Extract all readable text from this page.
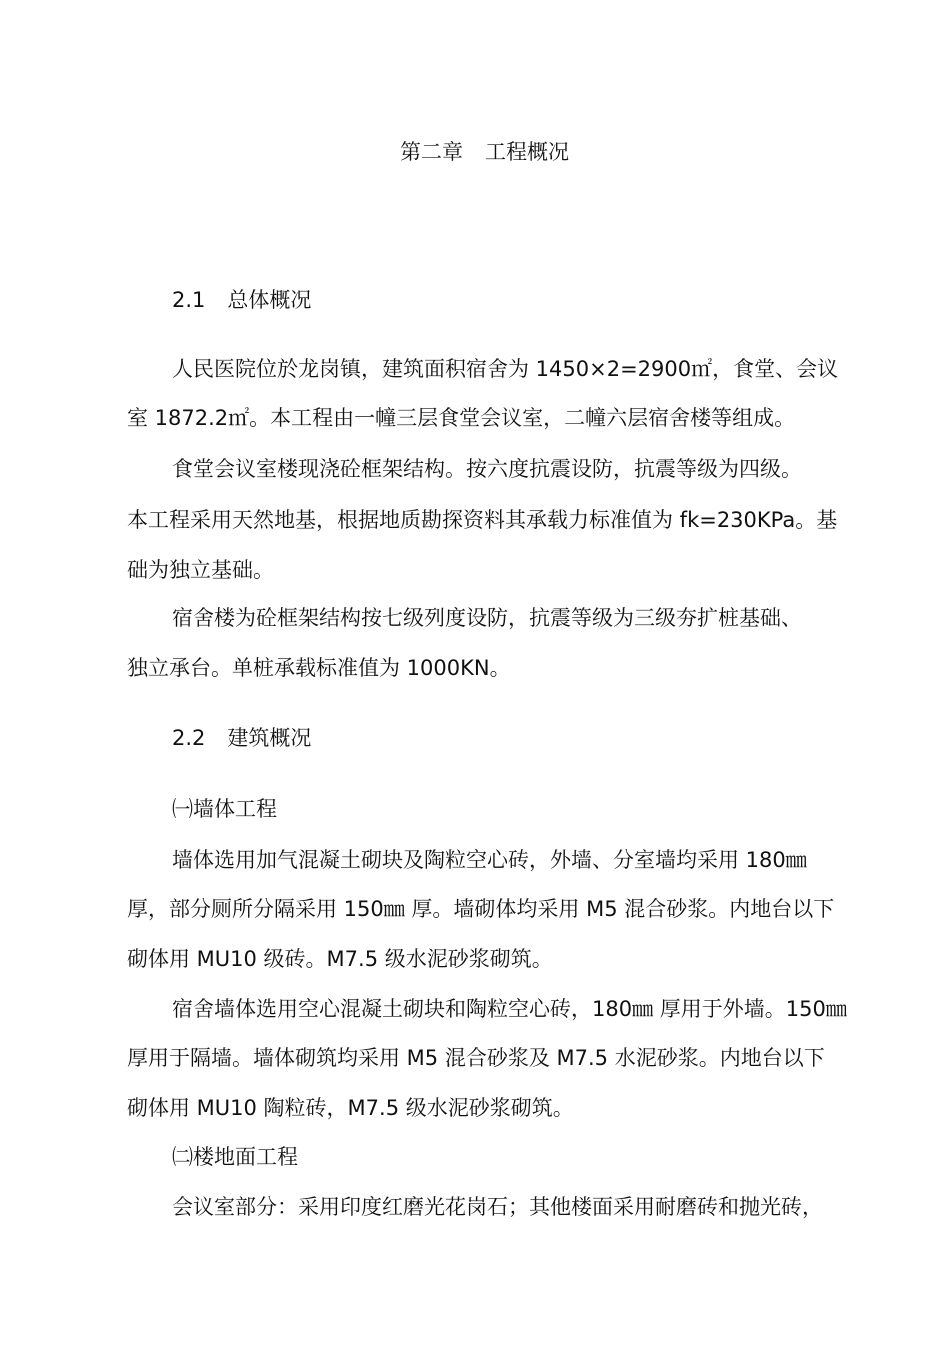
第二章 工程概况
2.1 总体概况
人民医院位於龙岗镇，建筑面积宿舍为 1450×2=2900㎡，食堂、会议
室 1872.2㎡。本工程由一幢三层食堂会议室，二幢六层宿舍楼等组成。
食堂会议室楼现浇砼框架结构。按六度抗震设防，抗震等级为四级。
本工程采用天然地基，根据地质勘探资料其承载力标准值为 fk=230KPa。基
础为独立基础。
宿舍楼为砼框架结构按七级列度设防，抗震等级为三级夯扩桩基础、
独立承台。单桩承载标准值为 1000KN。
2.2 建筑概况
㈠墙体工程
墙体选用加气混凝土砌块及陶粒空心砖，外墙、分室墙均采用 180㎜
厚，部分厕所分隔采用 150㎜ 厚。墙砌体均采用 M5 混合砂浆。内地台以下
砌体用 MU10 级砖。M7.5 级水泥砂浆砌筑。
宿舍墙体选用空心混凝土砌块和陶粒空心砖，180㎜ 厚用于外墙。150㎜
厚用于隔墙。墙体砌筑均采用 M5 混合砂浆及 M7.5 水泥砂浆。内地台以下
砌体用 MU10 陶粒砖，M7.5 级水泥砂浆砌筑。
㈡楼地面工程
会议室部分：采用印度红磨光花岗石；其他楼面采用耐磨砖和抛光砖，
